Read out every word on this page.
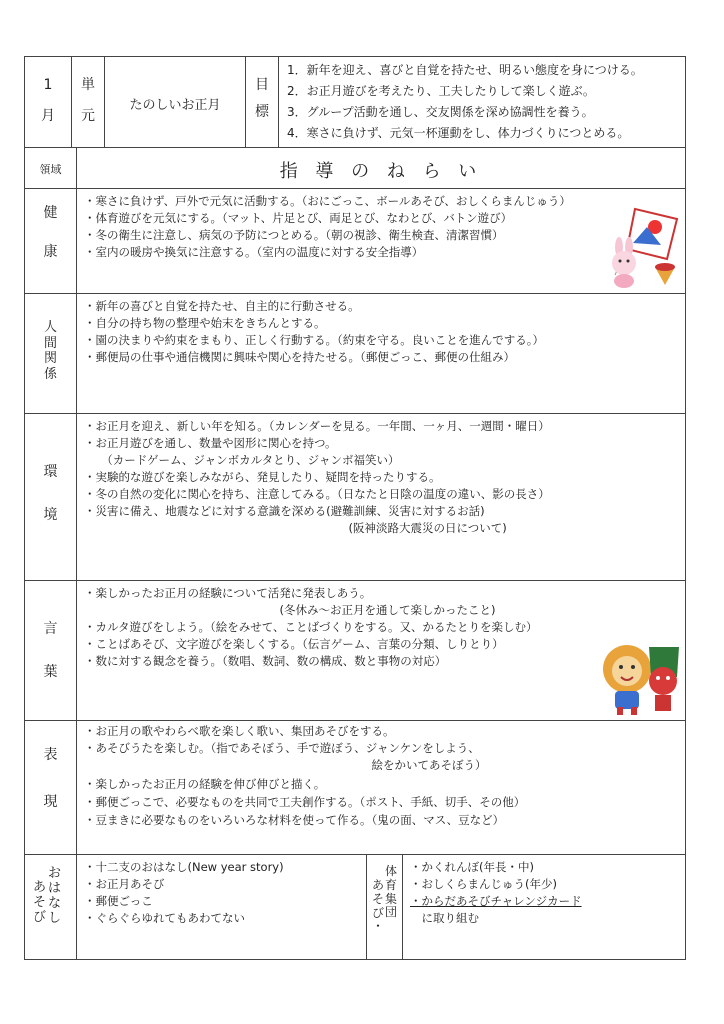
1
月
単
元
たのしいお正月
目
標
1．新年を迎え、喜びと自覚を持たせ、明るい態度を身につける。
2．お正月遊びを考えたり、工夫したりして楽しく遊ぶ。
3．グループ活動を通し、交友関係を深め協調性を養う。
4．寒さに負けず、元気一杯運動をし、体力づくりにつとめる。
領域	指 導 の ね ら い
健
康
・寒さに負けず、戸外で元気に活動する。（おにごっこ、ボールあそび、おしくらまんじゅう）
・体育遊びを元気にする。（マット、片足とび、両足とび、なわとび、バトン遊び）
・冬の衛生に注意し、病気の予防につとめる。（朝の視診、衛生検査、清潔習慣）
・室内の暖房や換気に注意する。（室内の温度に対する安全指導）
人
間
関
係
・新年の喜びと自覚を持たせ、自主的に行動させる。
・自分の持ち物の整理や始末をきちんとする。
・園の決まりや約束をまもり、正しく行動する。（約束を守る。良いことを進んでする。）
・郵便局の仕事や通信機関に興味や関心を持たせる。（郵便ごっこ、郵便の仕組み）
環
境
・お正月を迎え、新しい年を知る。（カレンダーを見る。一年間、一ヶ月、一週間・曜日）
・お正月遊びを通し、数量や図形に関心を持つ。
　　（カードゲーム、ジャンボカルタとり、ジャンボ福笑い）
・実験的な遊びを楽しみながら、発見したり、疑問を持ったりする。
・冬の自然の変化に関心を持ち、注意してみる。（日なたと日陰の温度の違い、影の長さ）
・災害に備え、地震などに対する意識を深める(避難訓練、災害に対するお話)
　　　　　　　　　　　　　　　　　　　　　　　(阪神淡路大震災の日について)
言
葉
・楽しかったお正月の経験について活発に発表しあう。
　　　　　　　　　　　　　　　　　(冬休み～お正月を通して楽しかったこと)
・カルタ遊びをしよう。（絵をみせて、ことばづくりをする。又、かるたとりを楽しむ）
・ことばあそび、文字遊びを楽しくする。（伝言ゲーム、言葉の分類、しりとり）
・数に対する観念を養う。（数唱、数詞、数の構成、数と事物の対応）
表
現
・お正月の歌やわらべ歌を楽しく歌い、集団あそびをする。
・あそびうたを楽しむ。（指であそぼう、手で遊ぼう、ジャンケンをしよう、
　　　　　　　　　　　　　　　　　　　　　　　　　絵をかいてあそぼう）
・楽しかったお正月の経験を伸び伸びと描く。
・郵便ごっこで、必要なものを共同で工夫創作する。（ポスト、手紙、切手、その他）
・豆まきに必要なものをいろいろな材料を使って作る。（鬼の面、マス、豆など）
お
は
な
し
あ
そ
び
・十二支のおはなし(New year story)
・お正月あそび
・郵便ごっこ
・ぐらぐらゆれてもあわてない
体
育
集
団
あ
そ
び
・
・かくれんぼ(年長・中)
・おしくらまんじゅう(年少)
・からだあそびチャレンジカード
　に取り組む
